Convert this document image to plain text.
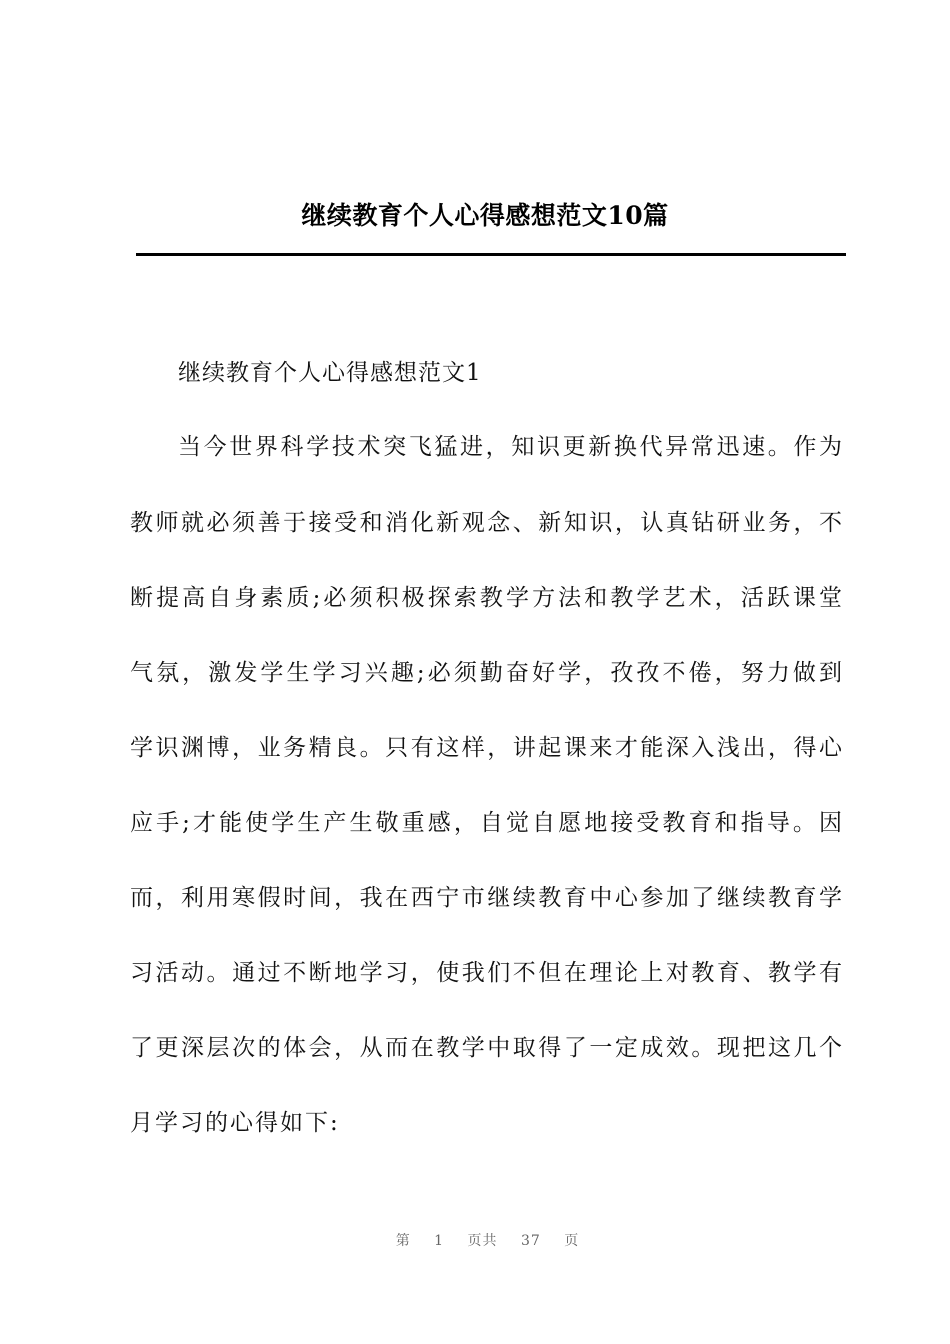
继续教育个人心得感想范文10篇
继续教育个人心得感想范文1
当今世界科学技术突飞猛进，知识更新换代异常迅速。作为
教师就必须善于接受和消化新观念、新知识，认真钻研业务，不
断提高自身素质;必须积极探索教学方法和教学艺术，活跃课堂
气氛，激发学生学习兴趣;必须勤奋好学，孜孜不倦，努力做到
学识渊博，业务精良。只有这样，讲起课来才能深入浅出，得心
应手;才能使学生产生敬重感，自觉自愿地接受教育和指导。因
而，利用寒假时间，我在西宁市继续教育中心参加了继续教育学
习活动。通过不断地学习，使我们不但在理论上对教育、教学有
了更深层次的体会，从而在教学中取得了一定成效。现把这几个
月学习的心得如下:
第 1 页共 37 页
